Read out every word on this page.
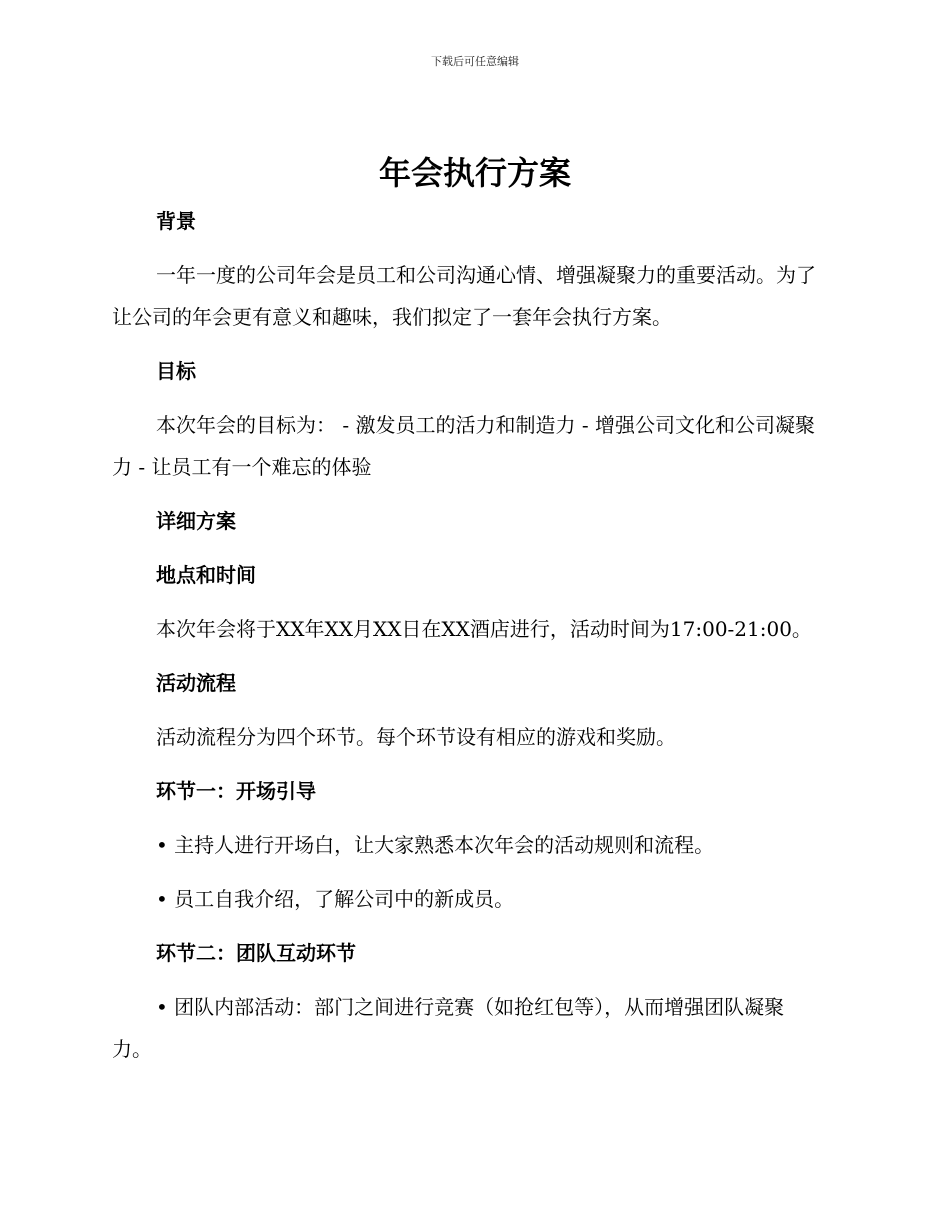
下载后可任意编辑
年会执行方案
背景
一年一度的公司年会是员工和公司沟通心情、增强凝聚力的重要活动。为了让公司的年会更有意义和趣味，我们拟定了一套年会执行方案。
目标
本次年会的目标为： - 激发员工的活力和制造力 - 增强公司文化和公司凝聚力 - 让员工有一个难忘的体验
详细方案
地点和时间
本次年会将于XX年XX月XX日在XX酒店进行，活动时间为17:00-21:00。
活动流程
活动流程分为四个环节。每个环节设有相应的游戏和奖励。
环节一：开场引导
• 主持人进行开场白，让大家熟悉本次年会的活动规则和流程。
• 员工自我介绍，了解公司中的新成员。
环节二：团队互动环节
• 团队内部活动：部门之间进行竞赛（如抢红包等），从而增强团队凝聚力。
